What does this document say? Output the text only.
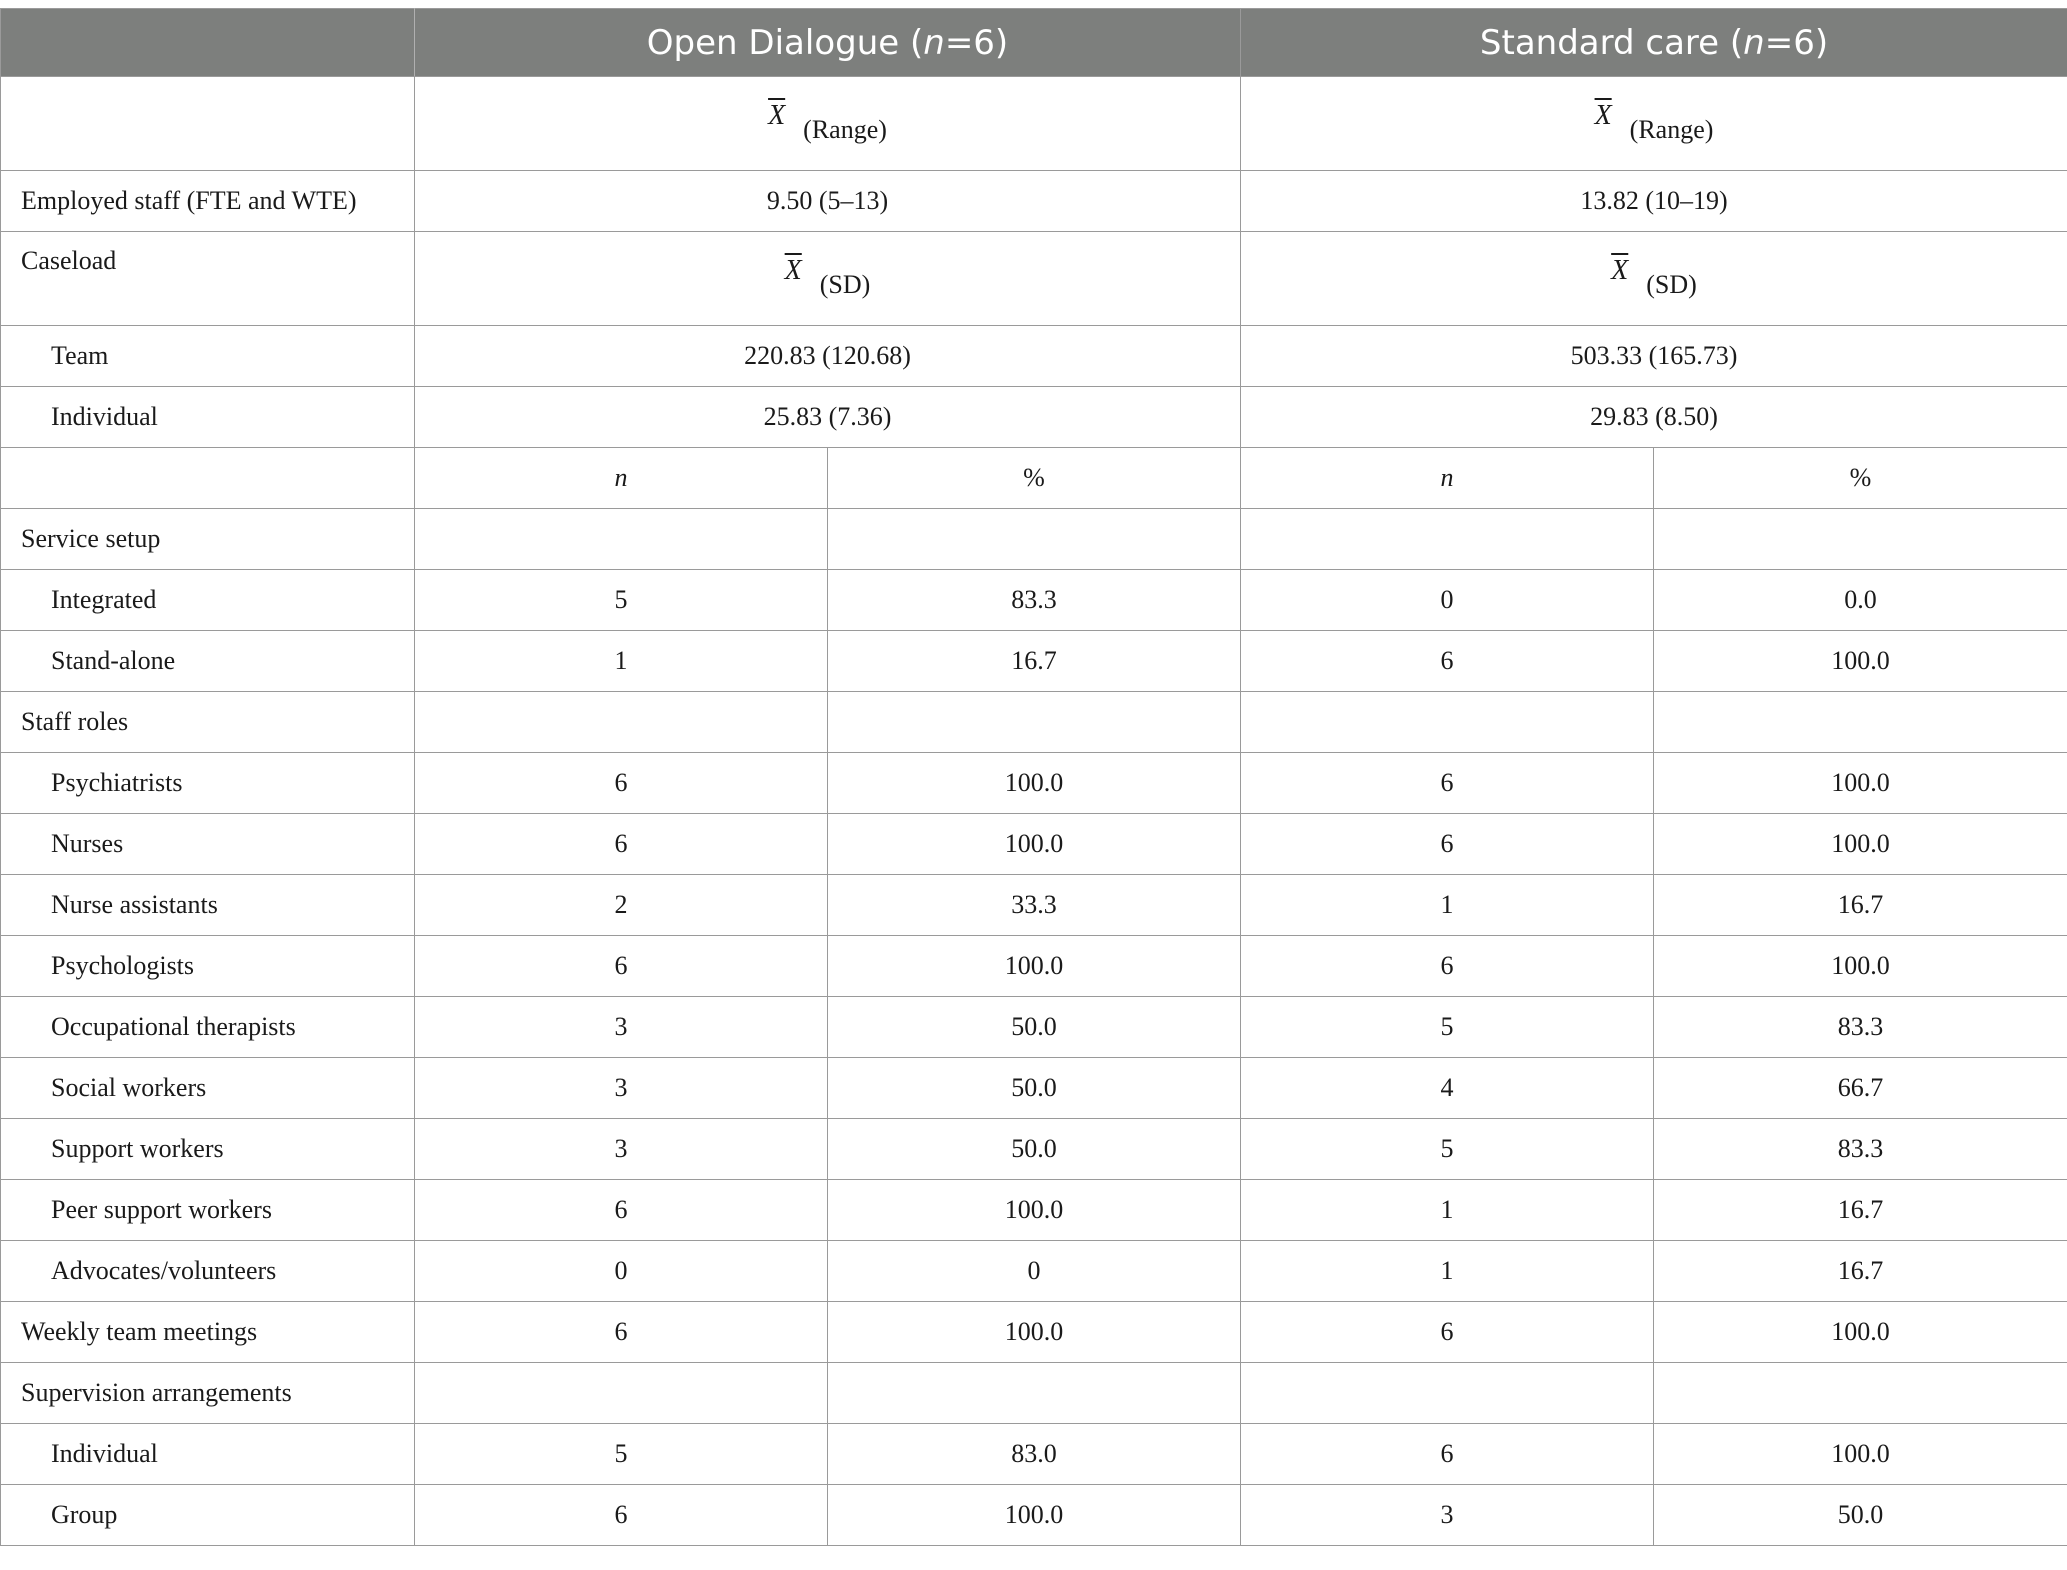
	Open Dialogue (n=6)		Standard care (n=6)	
	$\overline{X}$ (Range)		$\overline{X}$ (Range)	
Employed staff (FTE and WTE)	9.50 (5–13)		13.82 (10–19)	
Caseload	$\overline{X}$ (SD)		$\overline{X}$ (SD)	
Team	220.83 (120.68)		503.33 (165.73)	
Individual	25.83 (7.36)		29.83 (8.50)	
	n	%	n	%
Service setup				
Integrated	5	83.3	0	0.0
Stand-alone	1	16.7	6	100.0
Staff roles				
Psychiatrists	6	100.0	6	100.0
Nurses	6	100.0	6	100.0
Nurse assistants	2	33.3	1	16.7
Psychologists	6	100.0	6	100.0
Occupational therapists	3	50.0	5	83.3
Social workers	3	50.0	4	66.7
Support workers	3	50.0	5	83.3
Peer support workers	6	100.0	1	16.7
Advocates/volunteers	0	0	1	16.7
Weekly team meetings	6	100.0	6	100.0
Supervision arrangements				
Individual	5	83.0	6	100.0
Group	6	100.0	3	50.0
